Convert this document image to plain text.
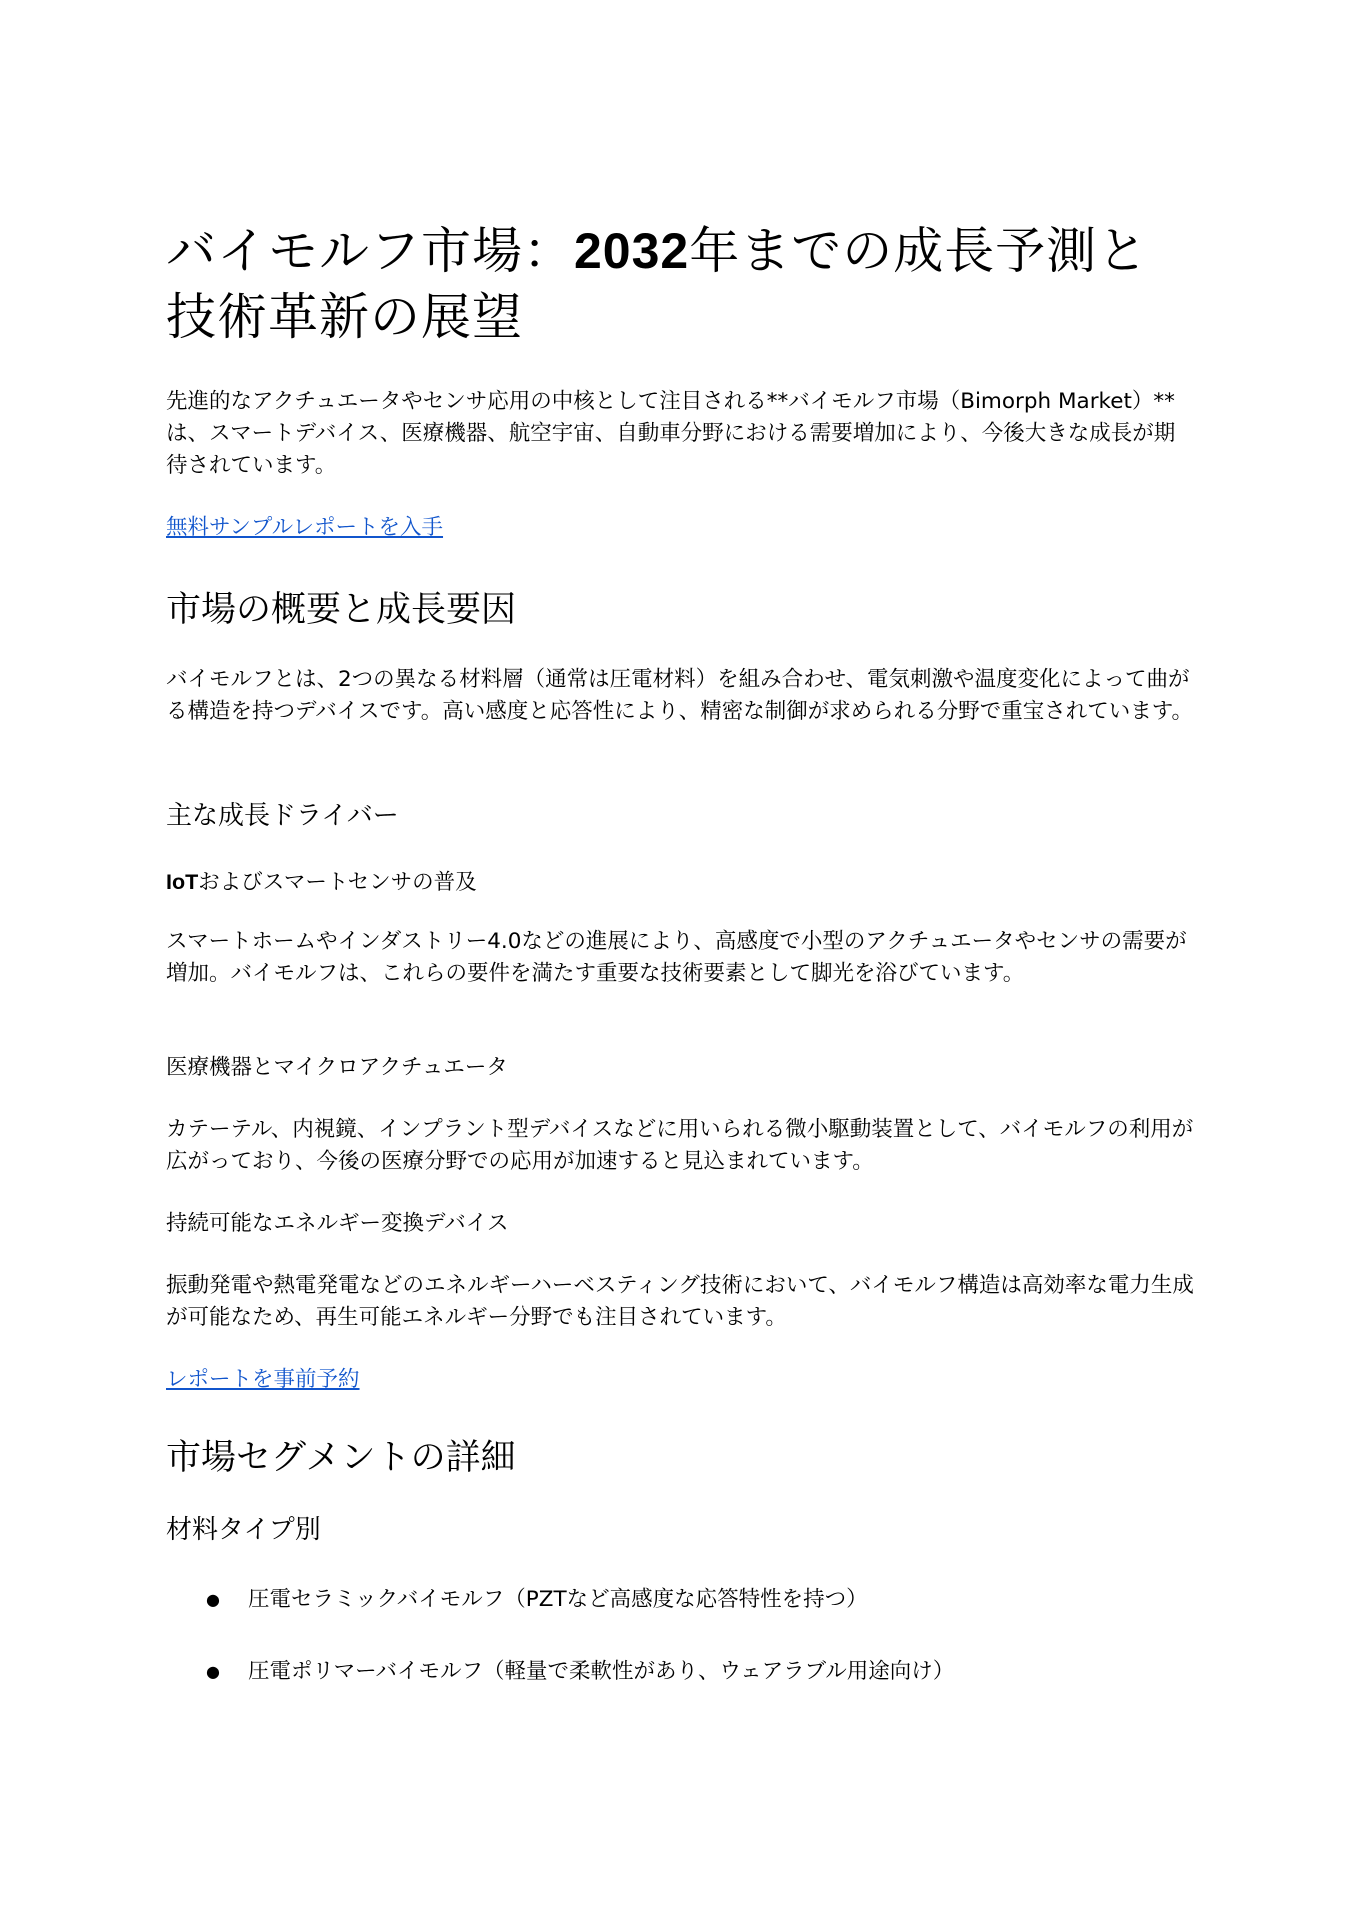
バイモルフ市場：2032年までの成長予測と技術革新の展望

先進的なアクチュエータやセンサ応用の中核として注目される**バイモルフ市場（Bimorph Market）**は、スマートデバイス、医療機器、航空宇宙、自動車分野における需要増加により、今後大きな成長が期待されています。

無料サンプルレポートを入手
市場の概要と成長要因

バイモルフとは、2つの異なる材料層（通常は圧電材料）を組み合わせ、電気刺激や温度変化によって曲がる構造を持つデバイスです。高い感度と応答性により、精密な制御が求められる分野で重宝されています。

主な成長ドライバー
IoTおよびスマートセンサの普及

スマートホームやインダストリー4.0などの進展により、高感度で小型のアクチュエータやセンサの需要が増加。バイモルフは、これらの要件を満たす重要な技術要素として脚光を浴びています。

医療機器とマイクロアクチュエータ

カテーテル、内視鏡、インプラント型デバイスなどに用いられる微小駆動装置として、バイモルフの利用が広がっており、今後の医療分野での応用が加速すると見込まれています。

持続可能なエネルギー変換デバイス

振動発電や熱電発電などのエネルギーハーベスティング技術において、バイモルフ構造は高効率な電力生成が可能なため、再生可能エネルギー分野でも注目されています。

レポートを事前予約
市場セグメントの詳細
材料タイプ別
● 圧電セラミックバイモルフ（PZTなど高感度な応答特性を持つ）
● 圧電ポリマーバイモルフ（軽量で柔軟性があり、ウェアラブル用途向け）
